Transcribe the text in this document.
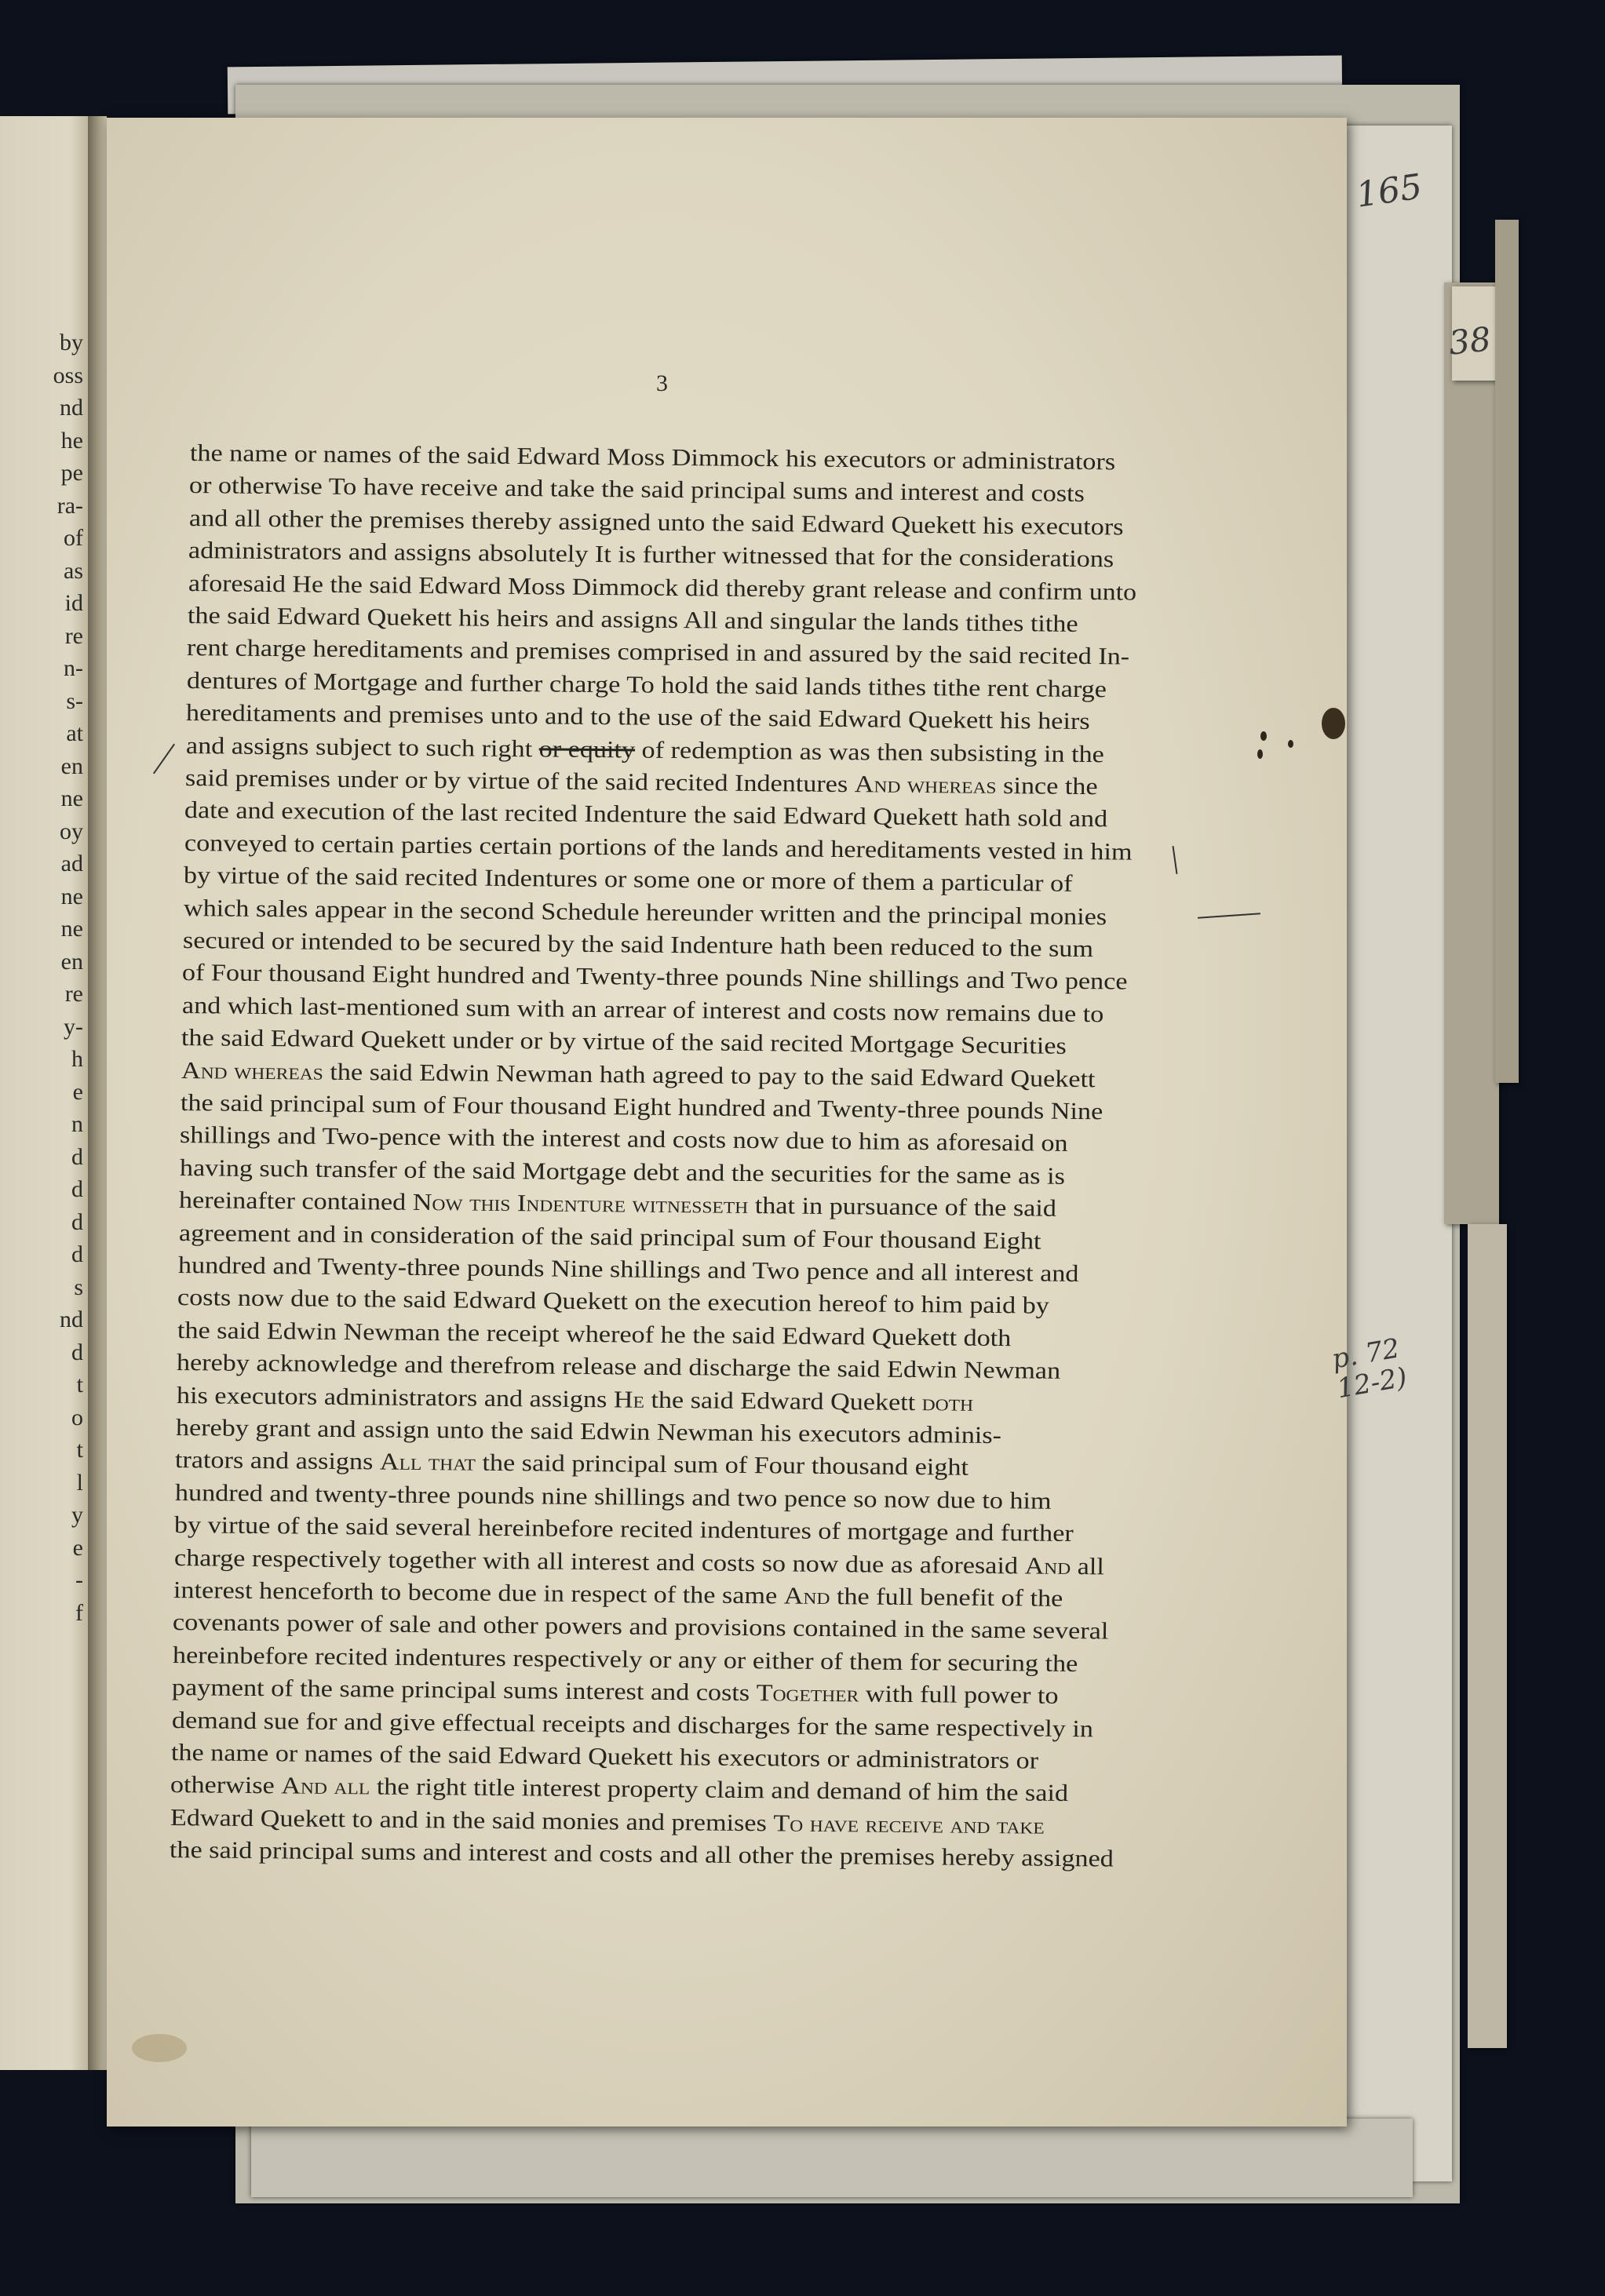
by
oss
nd
he
pe
ra-
of
as
id
re
n-
s-
at
en
ne
oy
ad
ne
ne
en
re
y-
h
e
n
d
d
d
d
s
nd
d
t
o
t
l
y
e
-
f
3
the name or names of the said Edward Moss Dimmock his executors or administrators
or otherwise To have receive and take the said principal sums and interest and costs
and all other the premises thereby assigned unto the said Edward Quekett his executors
administrators and assigns absolutely It is further witnessed that for the considerations
aforesaid He the said Edward Moss Dimmock did thereby grant release and confirm unto
the said Edward Quekett his heirs and assigns All and singular the lands tithes tithe
rent charge hereditaments and premises comprised in and assured by the said recited In-
dentures of Mortgage and further charge To hold the said lands tithes tithe rent charge
hereditaments and premises unto and to the use of the said Edward Quekett his heirs
and assigns subject to such right or equity of redemption as was then subsisting in the
said premises under or by virtue of the said recited Indentures And whereas since the
date and execution of the last recited Indenture the said Edward Quekett hath sold and
conveyed to certain parties certain portions of the lands and hereditaments vested in him
by virtue of the said recited Indentures or some one or more of them a particular of
which sales appear in the second Schedule hereunder written and the principal monies
secured or intended to be secured by the said Indenture hath been reduced to the sum
of Four thousand Eight hundred and Twenty-three pounds Nine shillings and Two pence
and which last-mentioned sum with an arrear of interest and costs now remains due to
the said Edward Quekett under or by virtue of the said recited Mortgage Securities
And whereas the said Edwin Newman hath agreed to pay to the said Edward Quekett
the said principal sum of Four thousand Eight hundred and Twenty-three pounds Nine
shillings and Two-pence with the interest and costs now due to him as aforesaid on
having such transfer of the said Mortgage debt and the securities for the same as is
hereinafter contained Now this Indenture witnesseth that in pursuance of the said
agreement and in consideration of the said principal sum of Four thousand Eight
hundred and Twenty-three pounds Nine shillings and Two pence and all interest and
costs now due to the said Edward Quekett on the execution hereof to him paid by
the said Edwin Newman the receipt whereof he the said Edward Quekett doth
hereby acknowledge and therefrom release and discharge the said Edwin Newman
his executors administrators and assigns He the said Edward Quekett doth
hereby grant and assign unto the said Edwin Newman his executors adminis-
trators and assigns All that the said principal sum of Four thousand eight
hundred and twenty-three pounds nine shillings and two pence so now due to him
by virtue of the said several hereinbefore recited indentures of mortgage and further
charge respectively together with all interest and costs so now due as aforesaid And all
interest henceforth to become due in respect of the same And the full benefit of the
covenants power of sale and other powers and provisions contained in the same several
hereinbefore recited indentures respectively or any or either of them for securing the
payment of the same principal sums interest and costs Together with full power to
demand sue for and give effectual receipts and discharges for the same respectively in
the name or names of the said Edward Quekett his executors or administrators or
otherwise And all the right title interest property claim and demand of him the said
Edward Quekett to and in the said monies and premises To have receive and take
the said principal sums and interest and costs and all other the premises hereby assigned
165
38
p. 72
12-2)
